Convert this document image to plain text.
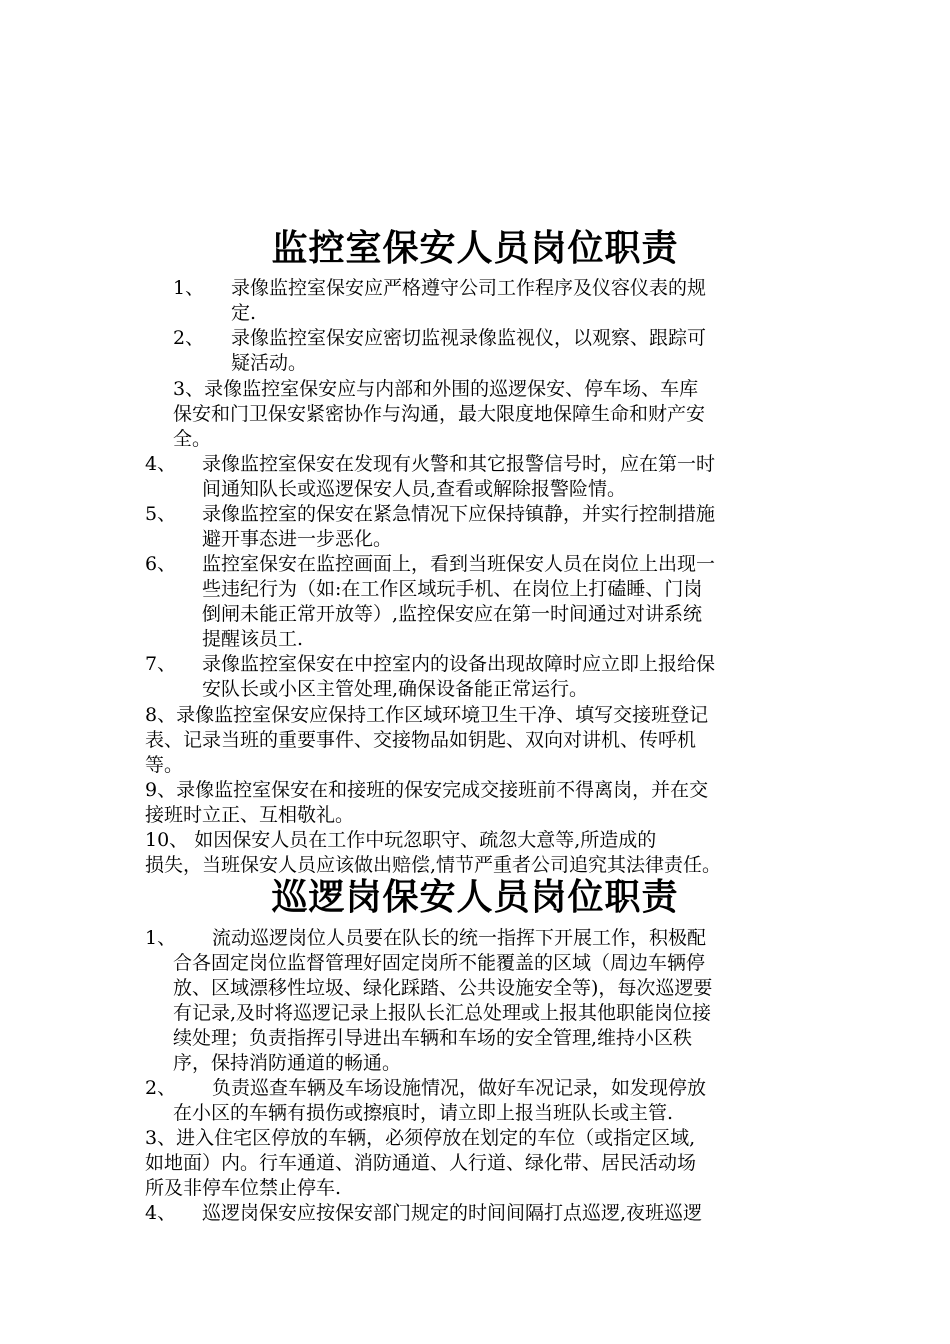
监控室保安人员岗位职责
1、 录像监控室保安应严格遵守公司工作程序及仪容仪表的规
定.
2、 录像监控室保安应密切监视录像监视仪，以观察、跟踪可
疑活动。
3、录像监控室保安应与内部和外围的巡逻保安、停车场、车库
保安和门卫保安紧密协作与沟通，最大限度地保障生命和财产安
全。
4、 录像监控室保安在发现有火警和其它报警信号时，应在第一时
间通知队长或巡逻保安人员,查看或解除报警险情。
5、 录像监控室的保安在紧急情况下应保持镇静，并实行控制措施
避开事态进一步恶化。
6、 监控室保安在监控画面上，看到当班保安人员在岗位上出现一
些违纪行为（如:在工作区域玩手机、在岗位上打磕睡、门岗
倒闸未能正常开放等）,监控保安应在第一时间通过对讲系统
提醒该员工.
7、 录像监控室保安在中控室内的设备出现故障时应立即上报给保
安队长或小区主管处理,确保设备能正常运行。
8、录像监控室保安应保持工作区域环境卫生干净、填写交接班登记
表、记录当班的重要事件、交接物品如钥匙、双向对讲机、传呼机
等。
9、录像监控室保安在和接班的保安完成交接班前不得离岗，并在交
接班时立正、互相敬礼。
10、 如因保安人员在工作中玩忽职守、疏忽大意等,所造成的
损失，当班保安人员应该做出赔偿,情节严重者公司追究其法律责任。
巡逻岗保安人员岗位职责
1、 流动巡逻岗位人员要在队长的统一指挥下开展工作，积极配
合各固定岗位监督管理好固定岗所不能覆盖的区域（周边车辆停
放、区域漂移性垃圾、绿化踩踏、公共设施安全等)，每次巡逻要
有记录,及时将巡逻记录上报队长汇总处理或上报其他职能岗位接
续处理；负责指挥引导进出车辆和车场的安全管理,维持小区秩
序，保持消防通道的畅通。
2、 负责巡查车辆及车场设施情况，做好车况记录，如发现停放
在小区的车辆有损伤或擦痕时，请立即上报当班队长或主管.
3、进入住宅区停放的车辆，必须停放在划定的车位（或指定区域,
如地面）内。行车通道、消防通道、人行道、绿化带、居民活动场
所及非停车位禁止停车.
4、 巡逻岗保安应按保安部门规定的时间间隔打点巡逻,夜班巡逻
